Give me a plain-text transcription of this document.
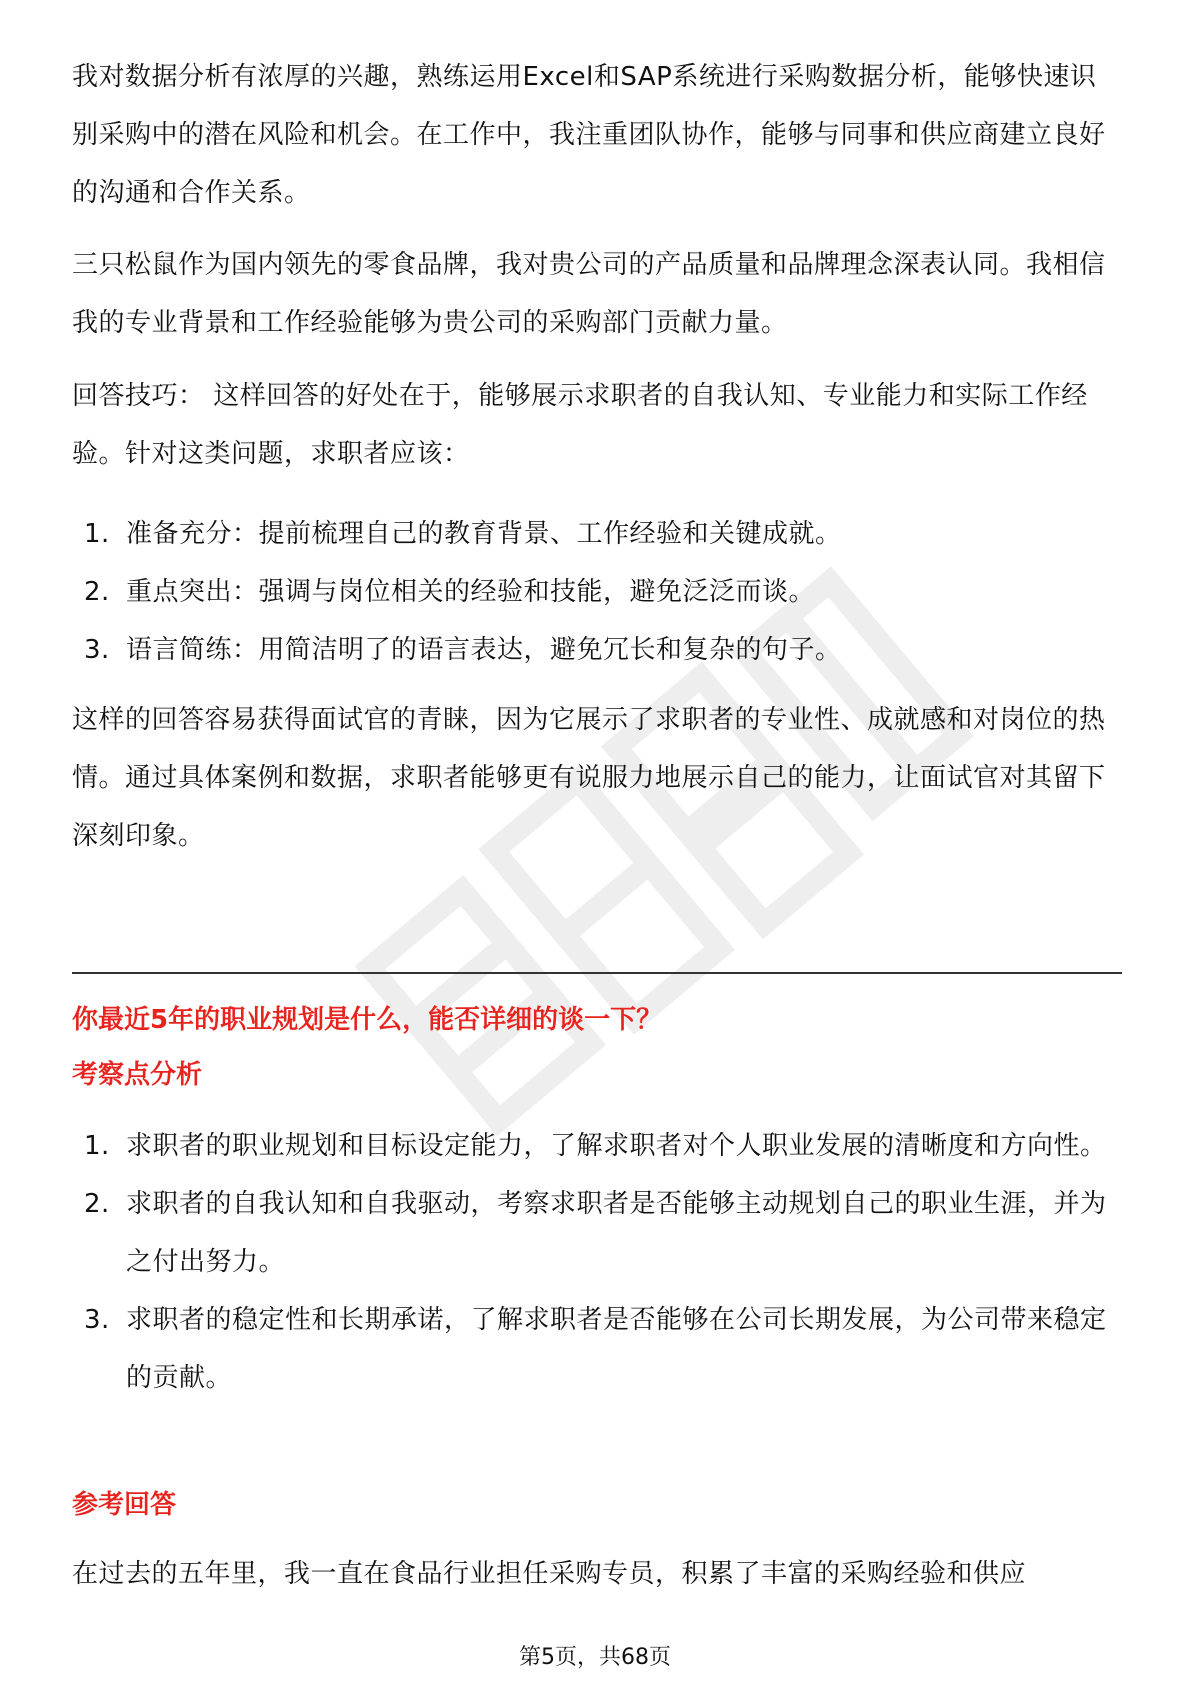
我对数据分析有浓厚的兴趣，熟练运用Excel和SAP系统进行采购数据分析，能够快速识别采购中的潜在风险和机会。在工作中，我注重团队协作，能够与同事和供应商建立良好的沟通和合作关系。

三只松鼠作为国内领先的零食品牌，我对贵公司的产品质量和品牌理念深表认同。我相信我的专业背景和工作经验能够为贵公司的采购部门贡献力量。

回答技巧： 这样回答的好处在于，能够展示求职者的自我认知、专业能力和实际工作经验。针对这类问题，求职者应该：

1. 准备充分：提前梳理自己的教育背景、工作经验和关键成就。
2. 重点突出：强调与岗位相关的经验和技能，避免泛泛而谈。
3. 语言简练：用简洁明了的语言表达，避免冗长和复杂的句子。

这样的回答容易获得面试官的青睐，因为它展示了求职者的专业性、成就感和对岗位的热情。通过具体案例和数据，求职者能够更有说服力地展示自己的能力，让面试官对其留下深刻印象。

你最近5年的职业规划是什么，能否详细的谈一下？
考察点分析
1. 求职者的职业规划和目标设定能力，了解求职者对个人职业发展的清晰度和方向性。
2. 求职者的自我认知和自我驱动，考察求职者是否能够主动规划自己的职业生涯，并为之付出努力。
3. 求职者的稳定性和长期承诺，了解求职者是否能够在公司长期发展，为公司带来稳定的贡献。
参考回答

在过去的五年里，我一直在食品行业担任采购专员，积累了丰富的采购经验和供应

第5页，共68页
